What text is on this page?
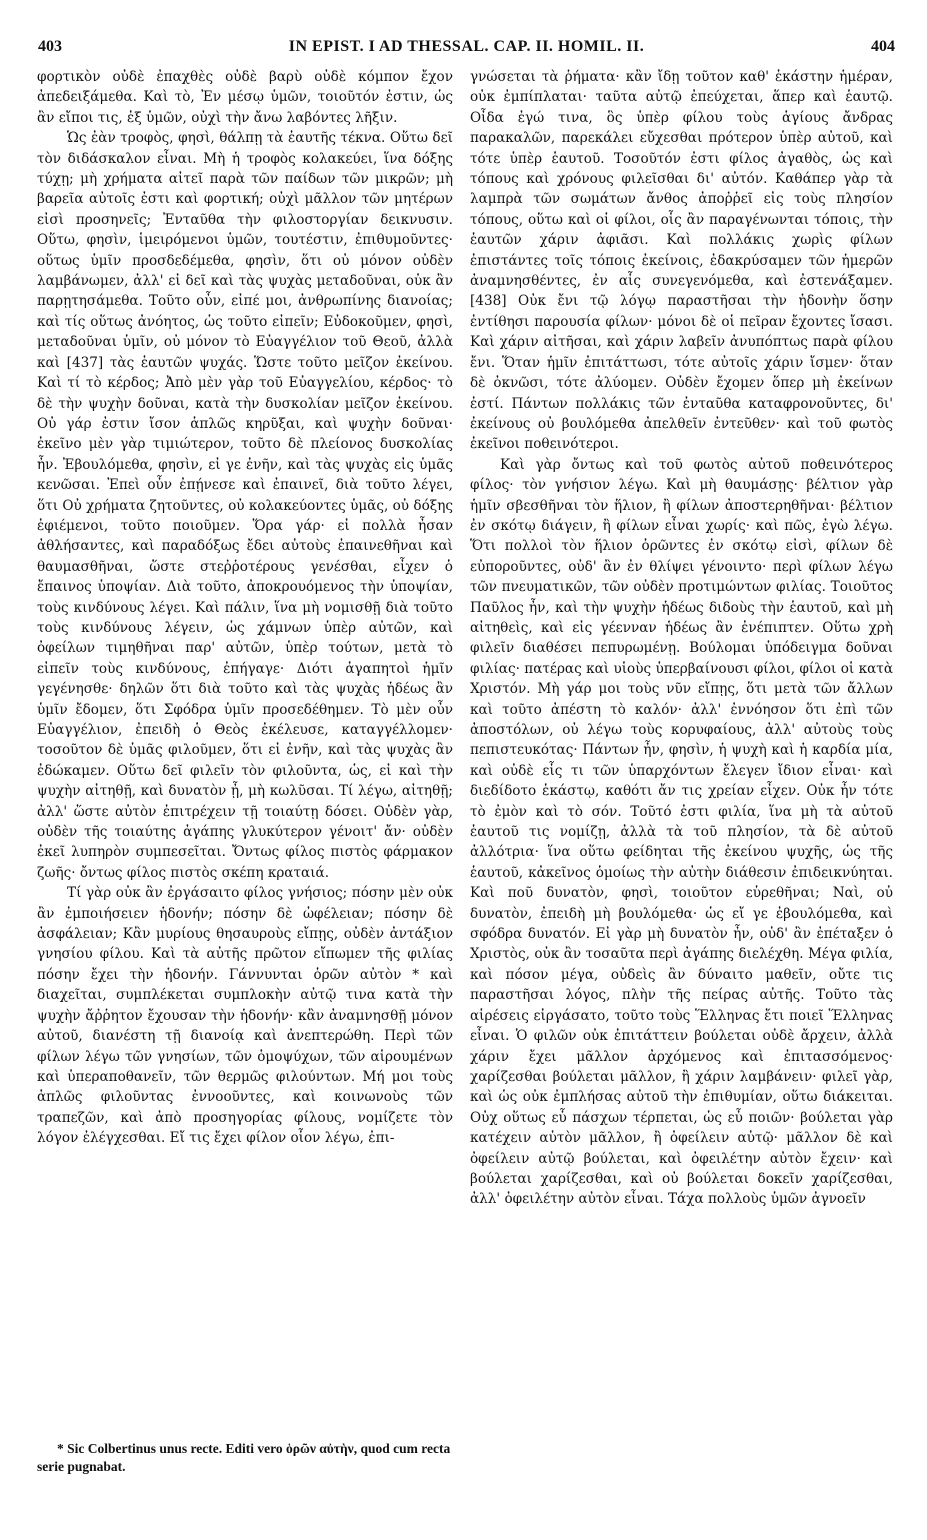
403	IN EPIST. I AD THESSAL. CAP. II. HOMIL. II.	404

φορτικὸν οὐδὲ ἐπαχθὲς οὐδὲ βαρὺ οὐδὲ κόμπον ἔχον ἀπεδειξάμεθα. Καὶ τὸ, Ἐν μέσῳ ὑμῶν, τοιοῦτόν ἐστιν, ὡς ἂν εἴποι τις, ἐξ ὑμῶν, οὐχὶ τὴν ἄνω λαβόντες λῆξιν.

Ὡς ἐὰν τροφὸς, φησὶ, θάλπῃ τὰ ἑαυτῆς τέκνα. Οὕτω δεῖ τὸν διδάσκαλον εἶναι. Μὴ ἡ τροφὸς κολακεύει, ἵνα δόξης τύχῃ; μὴ χρήματα αἰτεῖ παρὰ τῶν παίδων τῶν μικρῶν; μὴ βαρεῖα αὐτοῖς ἐστι καὶ φορτική; οὐχὶ μᾶλλον τῶν μητέρων εἰσὶ προσηνεῖς; Ἐνταῦθα τὴν φιλοστοργίαν δεικνυσιν. Οὕτω, φησὶν, ἱμειρόμενοι ὑμῶν, τουτέστιν, ἐπιθυμοῦντες· οὕτως ὑμῖν προσδεδέμεθα, φησὶν, ὅτι οὐ μόνον οὐδὲν λαμβάνωμεν, ἀλλ' εἰ δεῖ καὶ τὰς ψυχὰς μεταδοῦναι, οὐκ ἂν παρῃτησάμεθα. Τοῦτο οὖν, εἰπέ μοι, ἀνθρωπίνης διανοίας; καὶ τίς οὕτως ἀνόητος, ὡς τοῦτο εἰπεῖν; Εὐδοκοῦμεν, φησὶ, μεταδοῦναι ὑμῖν, οὐ μόνον τὸ Εὐαγγέλιον τοῦ Θεοῦ, ἀλλὰ καὶ [437] τὰς ἑαυτῶν ψυχάς. Ὥστε τοῦτο μεῖζον ἐκείνου. Καὶ τί τὸ κέρδος; Ἀπὸ μὲν γὰρ τοῦ Εὐαγγελίου, κέρδος· τὸ δὲ τὴν ψυχὴν δοῦναι, κατὰ τὴν δυσκολίαν μεῖζον ἐκείνου. Οὐ γάρ ἐστιν ἴσον ἁπλῶς κηρῦξαι, καὶ ψυχὴν δοῦναι· ἐκεῖνο μὲν γὰρ τιμιώτερον, τοῦτο δὲ πλείονος δυσκολίας ἦν. Ἐβουλόμεθα, φησὶν, εἰ γε ἐνῆν, καὶ τὰς ψυχὰς εἰς ὑμᾶς κενῶσαι. Ἐπεὶ οὖν ἐπῄνεσε καὶ ἐπαινεῖ, διὰ τοῦτο λέγει, ὅτι Οὐ χρήματα ζητοῦντες, οὐ κολακεύοντες ὑμᾶς, οὐ δόξης ἐφιέμενοι, τοῦτο ποιοῦμεν. Ὅρα γάρ· εἰ πολλὰ ἦσαν ἀθλήσαντες, καὶ παραδόξως ἔδει αὐτοὺς ἐπαινεθῆναι καὶ θαυμασθῆναι, ὥστε στεῤῥοτέρους γενέσθαι, εἶχεν ὁ ἔπαινος ὑποψίαν. Διὰ τοῦτο, ἀποκρουόμενος τὴν ὑποψίαν, τοὺς κινδύνους λέγει. Καὶ πάλιν, ἵνα μὴ νομισθῇ διὰ τοῦτο τοὺς κινδύνους λέγειν, ὡς χάμνων ὑπὲρ αὐτῶν, καὶ ὀφείλων τιμηθῆναι παρ' αὐτῶν, ὑπὲρ τούτων, μετὰ τὸ εἰπεῖν τοὺς κινδύνους, ἐπήγαγε· Διότι ἀγαπητοὶ ἡμῖν γεγένησθε· δηλῶν ὅτι διὰ τοῦτο καὶ τὰς ψυχὰς ἡδέως ἂν ὑμῖν ἔδομεν, ὅτι Σφόδρα ὑμῖν προσεδέθημεν. Τὸ μὲν οὖν Εὐαγγέλιον, ἐπειδὴ ὁ Θεὸς ἐκέλευσε, καταγγέλλομεν· τοσοῦτον δὲ ὑμᾶς φιλοῦμεν, ὅτι εἰ ἐνῆν, καὶ τὰς ψυχὰς ἂν ἐδώκαμεν. Οὕτω δεῖ φιλεῖν τὸν φιλοῦντα, ὡς, εἰ καὶ τὴν ψυχὴν αἰτηθῇ, καὶ δυνατὸν ᾖ, μὴ κωλῦσαι. Τί λέγω, αἰτηθῇ; ἀλλ' ὥστε αὐτὸν ἐπιτρέχειν τῇ τοιαύτῃ δόσει. Οὐδὲν γὰρ, οὐδὲν τῆς τοιαύτης ἀγάπης γλυκύτερον γένοιτ' ἄν· οὐδὲν ἐκεῖ λυπηρὸν συμπεσεῖται. Ὄντως φίλος πιστὸς φάρμακον ζωῆς· ὄντως φίλος πιστὸς σκέπη κραταιά.

Τί γὰρ οὐκ ἂν ἐργάσαιτο φίλος γνήσιος; πόσην μὲν οὐκ ἂν ἐμποιήσειεν ἡδονήν; πόσην δὲ ὠφέλειαν; πόσην δὲ ἀσφάλειαν; Κἂν μυρίους θησαυροὺς εἴπῃς, οὐδὲν ἀντάξιον γνησίου φίλου. Καὶ τὰ αὐτῆς πρῶτον εἴπωμεν τῆς φιλίας πόσην ἔχει τὴν ἡδονήν. Γάννυνται ὁρῶν αὐτὸν * καὶ διαχεῖται, συμπλέκεται συμπλοκὴν αὐτῷ τινα κατὰ τὴν ψυχὴν ἄῤῥητον ἔχουσαν τὴν ἡδονήν· κἂν ἀναμνησθῇ μόνον αὐτοῦ, διανέστη τῇ διανοίᾳ καὶ ἀνεπτερώθη. Περὶ τῶν φίλων λέγω τῶν γνησίων, τῶν ὁμοψύχων, τῶν αἱρουμένων καὶ ὑπεραποθανεῖν, τῶν θερμῶς φιλούντων. Μή μοι τοὺς ἁπλῶς φιλοῦντας ἐννοοῦντες, καὶ κοινωνοὺς τῶν τραπεζῶν, καὶ ἀπὸ προσηγορίας φίλους, νομίζετε τὸν λόγον ἐλέγχεσθαι. Εἴ τις ἔχει φίλον οἷον λέγω, ἐπι-

γνώσεται τὰ ῥήματα· κἂν ἴδῃ τοῦτον καθ' ἑκάστην ἡμέραν, οὐκ ἐμπίπλαται· ταῦτα αὐτῷ ἐπεύχεται, ἅπερ καὶ ἑαυτῷ. Οἶδα ἐγώ τινα, ὃς ὑπὲρ φίλου τοὺς ἁγίους ἄνδρας παρακαλῶν, παρεκάλει εὔχεσθαι πρότερον ὑπὲρ αὐτοῦ, καὶ τότε ὑπὲρ ἑαυτοῦ. Τοσοῦτόν ἐστι φίλος ἀγαθὸς, ὡς καὶ τόπους καὶ χρόνους φιλεῖσθαι δι' αὐτόν. Καθάπερ γὰρ τὰ λαμπρὰ τῶν σωμάτων ἄνθος ἀποῤῥεῖ εἰς τοὺς πλησίον τόπους, οὕτω καὶ οἱ φίλοι, οἷς ἂν παραγένωνται τόποις, τὴν ἑαυτῶν χάριν ἀφιᾶσι. Καὶ πολλάκις χωρὶς φίλων ἐπιστάντες τοῖς τόποις ἐκείνοις, ἐδακρύσαμεν τῶν ἡμερῶν ἀναμνησθέντες, ἐν αἷς συνεγενόμεθα, καὶ ἐστενάξαμεν. [438] Οὐκ ἔνι τῷ λόγῳ παραστῆσαι τὴν ἡδονὴν ὅσην ἐντίθησι παρουσία φίλων· μόνοι δὲ οἱ πεῖραν ἔχοντες ἴσασι. Καὶ χάριν αἰτῆσαι, καὶ χάριν λαβεῖν ἀνυπόπτως παρὰ φίλου ἔνι. Ὅταν ἡμῖν ἐπιτάττωσι, τότε αὐτοῖς χάριν ἴσμεν· ὅταν δὲ ὀκνῶσι, τότε ἀλύομεν. Οὐδὲν ἔχομεν ὅπερ μὴ ἐκείνων ἐστί. Πάντων πολλάκις τῶν ἐνταῦθα καταφρονοῦντες, δι' ἐκείνους οὐ βουλόμεθα ἀπελθεῖν ἐντεῦθεν· καὶ τοῦ φωτὸς ἐκεῖνοι ποθεινότεροι.

Καὶ γὰρ ὄντως καὶ τοῦ φωτὸς αὐτοῦ ποθεινότερος φίλος· τὸν γνήσιον λέγω. Καὶ μὴ θαυμάσῃς· βέλτιον γὰρ ἡμῖν σβεσθῆναι τὸν ἥλιον, ἢ φίλων ἀποστερηθῆναι· βέλτιον ἐν σκότῳ διάγειν, ἢ φίλων εἶναι χωρίς· καὶ πῶς, ἐγὼ λέγω. Ὅτι πολλοὶ τὸν ἥλιον ὁρῶντες ἐν σκότῳ εἰσὶ, φίλων δὲ εὐποροῦντες, οὐδ' ἂν ἐν θλίψει γένοιντο· περὶ φίλων λέγω τῶν πνευματικῶν, τῶν οὐδὲν προτιμώντων φιλίας. Τοιοῦτος Παῦλος ἦν, καὶ τὴν ψυχὴν ἡδέως διδοὺς τὴν ἑαυτοῦ, καὶ μὴ αἰτηθεὶς, καὶ εἰς γέενναν ἡδέως ἂν ἐνέπιπτεν. Οὕτω χρὴ φιλεῖν διαθέσει πεπυρωμένῃ. Βούλομαι ὑπόδειγμα δοῦναι φιλίας· πατέρας καὶ υἱοὺς ὑπερβαίνουσι φίλοι, φίλοι οἱ κατὰ Χριστόν. Μὴ γάρ μοι τοὺς νῦν εἴπῃς, ὅτι μετὰ τῶν ἄλλων καὶ τοῦτο ἀπέστη τὸ καλόν· ἀλλ' ἐννόησον ὅτι ἐπὶ τῶν ἀποστόλων, οὐ λέγω τοὺς κορυφαίους, ἀλλ' αὐτοὺς τοὺς πεπιστευκότας· Πάντων ἦν, φησὶν, ἡ ψυχὴ καὶ ἡ καρδία μία, καὶ οὐδὲ εἷς τι τῶν ὑπαρχόντων ἔλεγεν ἴδιον εἶναι· καὶ διεδίδοτο ἑκάστῳ, καθότι ἄν τις χρείαν εἶχεν. Οὐκ ἦν τότε τὸ ἐμὸν καὶ τὸ σόν. Τοῦτό ἐστι φιλία, ἵνα μὴ τὰ αὐτοῦ ἑαυτοῦ τις νομίζῃ, ἀλλὰ τὰ τοῦ πλησίον, τὰ δὲ αὐτοῦ ἀλλότρια· ἵνα οὕτω φείδηται τῆς ἐκείνου ψυχῆς, ὡς τῆς ἑαυτοῦ, κἀκεῖνος ὁμοίως τὴν αὐτὴν διάθεσιν ἐπιδεικνύηται. Καὶ ποῦ δυνατὸν, φησὶ, τοιοῦτον εὑρεθῆναι; Ναὶ, οὐ δυνατὸν, ἐπειδὴ μὴ βουλόμεθα· ὡς εἴ γε ἐβουλόμεθα, καὶ σφόδρα δυνατόν. Εἰ γὰρ μὴ δυνατὸν ἦν, οὐδ' ἂν ἐπέταξεν ὁ Χριστὸς, οὐκ ἂν τοσαῦτα περὶ ἀγάπης διελέχθη. Μέγα φιλία, καὶ πόσον μέγα, οὐδεὶς ἂν δύναιτο μαθεῖν, οὔτε τις παραστῆσαι λόγος, πλὴν τῆς πείρας αὐτῆς. Τοῦτο τὰς αἱρέσεις εἰργάσατο, τοῦτο τοὺς Ἕλληνας ἔτι ποιεῖ Ἕλληνας εἶναι. Ὁ φιλῶν οὐκ ἐπιτάττειν βούλεται οὐδὲ ἄρχειν, ἀλλὰ χάριν ἔχει μᾶλλον ἀρχόμενος καὶ ἐπιτασσόμενος· χαρίζεσθαι βούλεται μᾶλλον, ἢ χάριν λαμβάνειν· φιλεῖ γὰρ, καὶ ὡς οὐκ ἐμπλήσας αὐτοῦ τὴν ἐπιθυμίαν, οὕτω διάκειται. Οὐχ οὕτως εὖ πάσχων τέρπεται, ὡς εὖ ποιῶν· βούλεται γὰρ κατέχειν αὐτὸν μᾶλλον, ἢ ὀφείλειν αὐτῷ· μᾶλλον δὲ καὶ ὀφείλειν αὐτῷ βούλεται, καὶ ὀφειλέτην αὐτὸν ἔχειν· καὶ βούλεται χαρίζεσθαι, καὶ οὐ βούλεται δοκεῖν χαρίζεσθαι, ἀλλ' ὀφειλέτην αὐτὸν εἶναι. Τάχα πολλοὺς ὑμῶν ἀγνοεῖν

* Sic Colbertinus unus recte. Editi vero ὁρῶν αὐτὴν, quod cum recta serie pugnabat.
